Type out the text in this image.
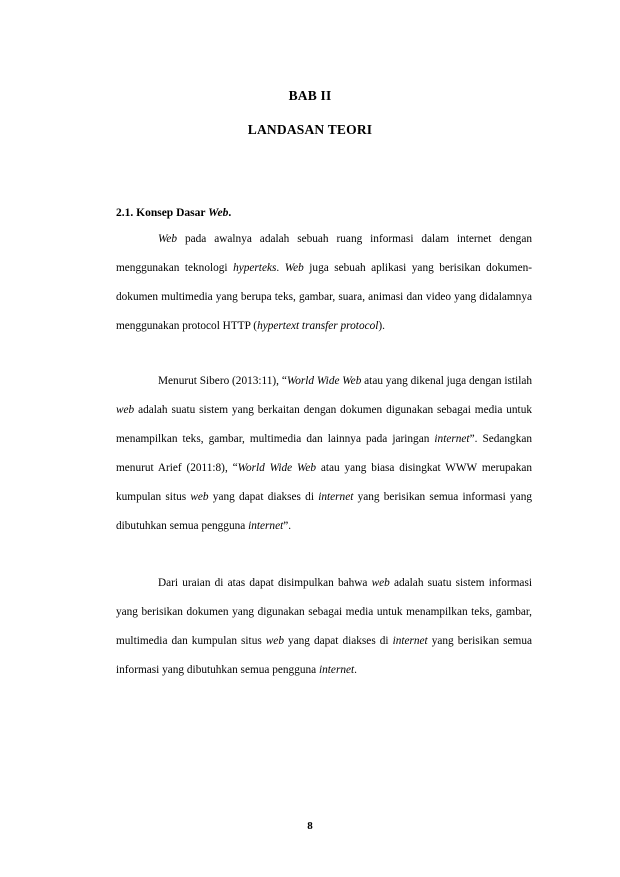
BAB II
LANDASAN TEORI
2.1. Konsep Dasar Web.

Web pada awalnya adalah sebuah ruang informasi dalam internet dengan menggunakan teknologi hyperteks. Web juga sebuah aplikasi yang berisikan dokumen-dokumen multimedia yang berupa teks, gambar, suara, animasi dan video yang didalamnya menggunakan protocol HTTP (hypertext transfer protocol).

Menurut Sibero (2013:11), “World Wide Web atau yang dikenal juga dengan istilah web adalah suatu sistem yang berkaitan dengan dokumen digunakan sebagai media untuk menampilkan teks, gambar, multimedia dan lainnya pada jaringan internet”. Sedangkan menurut Arief (2011:8), “World Wide Web atau yang biasa disingkat WWW merupakan kumpulan situs web yang dapat diakses di internet yang berisikan semua informasi yang dibutuhkan semua pengguna internet”.

Dari uraian di atas dapat disimpulkan bahwa web adalah suatu sistem informasi yang berisikan dokumen yang digunakan sebagai media untuk menampilkan teks, gambar, multimedia dan kumpulan situs web yang dapat diakses di internet yang berisikan semua informasi yang dibutuhkan semua pengguna internet.

8
